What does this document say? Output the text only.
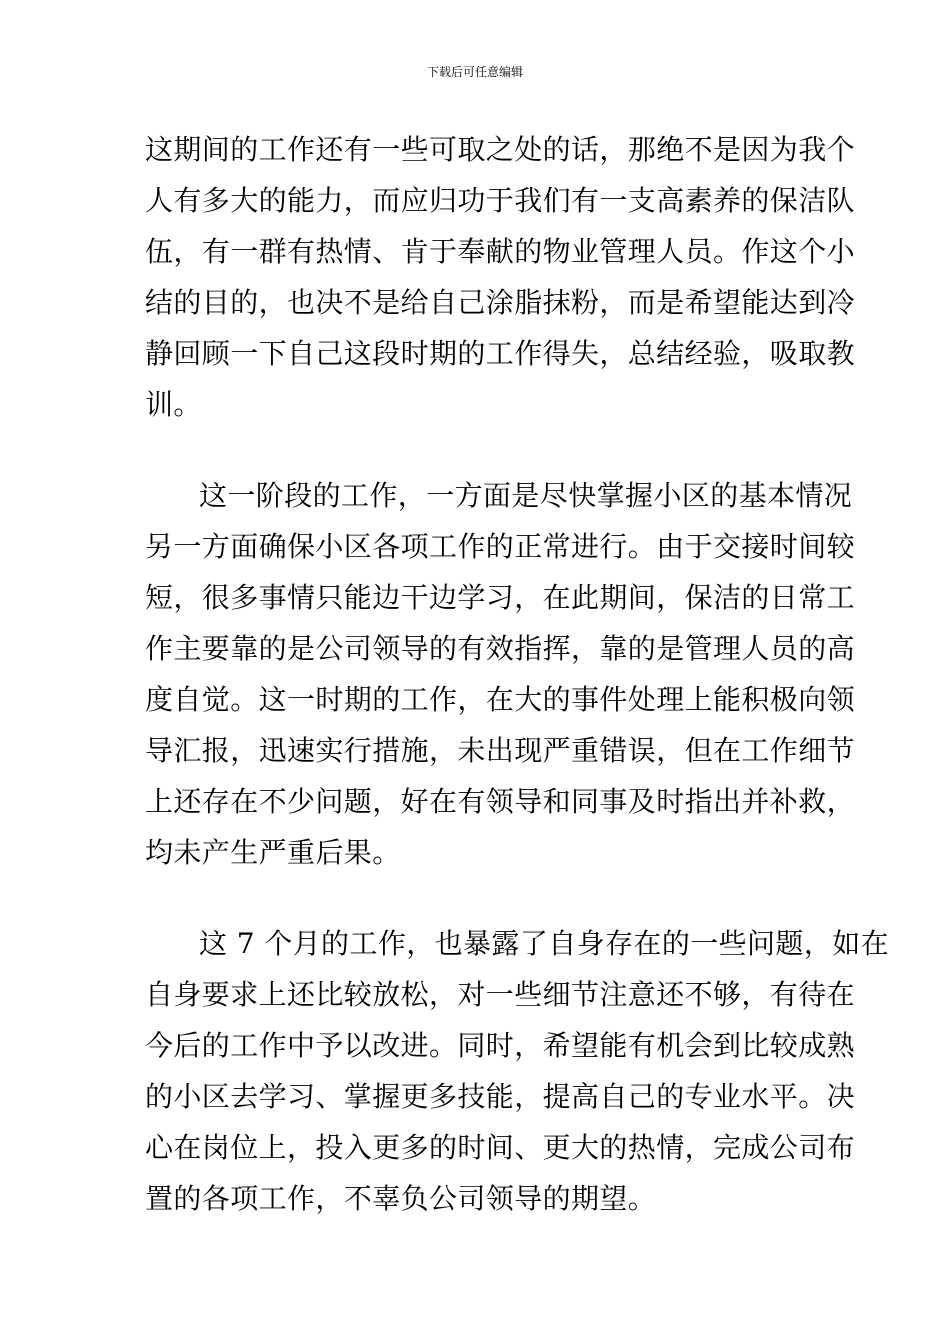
下载后可任意编辑
这期间的工作还有一些可取之处的话，那绝不是因为我个
人有多大的能力，而应归功于我们有一支高素养的保洁队
伍，有一群有热情、肯于奉献的物业管理人员。作这个小
结的目的，也决不是给自己涂脂抹粉，而是希望能达到冷
静回顾一下自己这段时期的工作得失，总结经验，吸取教
训。
这一阶段的工作，一方面是尽快掌握小区的基本情况
另一方面确保小区各项工作的正常进行。由于交接时间较
短，很多事情只能边干边学习，在此期间，保洁的日常工
作主要靠的是公司领导的有效指挥，靠的是管理人员的高
度自觉。这一时期的工作，在大的事件处理上能积极向领
导汇报，迅速实行措施，未出现严重错误，但在工作细节
上还存在不少问题，好在有领导和同事及时指出并补救，
均未产生严重后果。
这 7 个月的工作，也暴露了自身存在的一些问题，如在
自身要求上还比较放松，对一些细节注意还不够，有待在
今后的工作中予以改进。同时，希望能有机会到比较成熟
的小区去学习、掌握更多技能，提高自己的专业水平。决
心在岗位上，投入更多的时间、更大的热情，完成公司布
置的各项工作，不辜负公司领导的期望。
